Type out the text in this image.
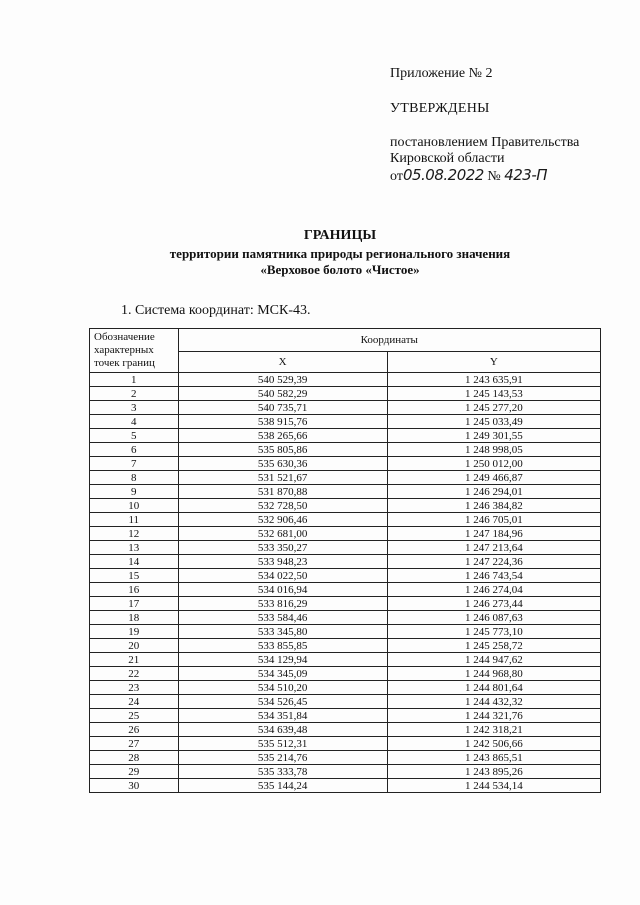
Приложение № 2
УТВЕРЖДЕНЫ
постановлением Правительства
Кировской области
от05.08.2022 № 423-П
ГРАНИЦЫ
территории памятника природы регионального значения
«Верховое болото «Чистое»
1. Система координат: МСК-43.
Обозначение характерных точек границ	Координаты	
	X	Y
1	540 529,39	1 243 635,91
2	540 582,29	1 245 143,53
3	540 735,71	1 245 277,20
4	538 915,76	1 245 033,49
5	538 265,66	1 249 301,55
6	535 805,86	1 248 998,05
7	535 630,36	1 250 012,00
8	531 521,67	1 249 466,87
9	531 870,88	1 246 294,01
10	532 728,50	1 246 384,82
11	532 906,46	1 246 705,01
12	532 681,00	1 247 184,96
13	533 350,27	1 247 213,64
14	533 948,23	1 247 224,36
15	534 022,50	1 246 743,54
16	534 016,94	1 246 274,04
17	533 816,29	1 246 273,44
18	533 584,46	1 246 087,63
19	533 345,80	1 245 773,10
20	533 855,85	1 245 258,72
21	534 129,94	1 244 947,62
22	534 345,09	1 244 968,80
23	534 510,20	1 244 801,64
24	534 526,45	1 244 432,32
25	534 351,84	1 244 321,76
26	534 639,48	1 242 318,21
27	535 512,31	1 242 506,66
28	535 214,76	1 243 865,51
29	535 333,78	1 243 895,26
30	535 144,24	1 244 534,14
